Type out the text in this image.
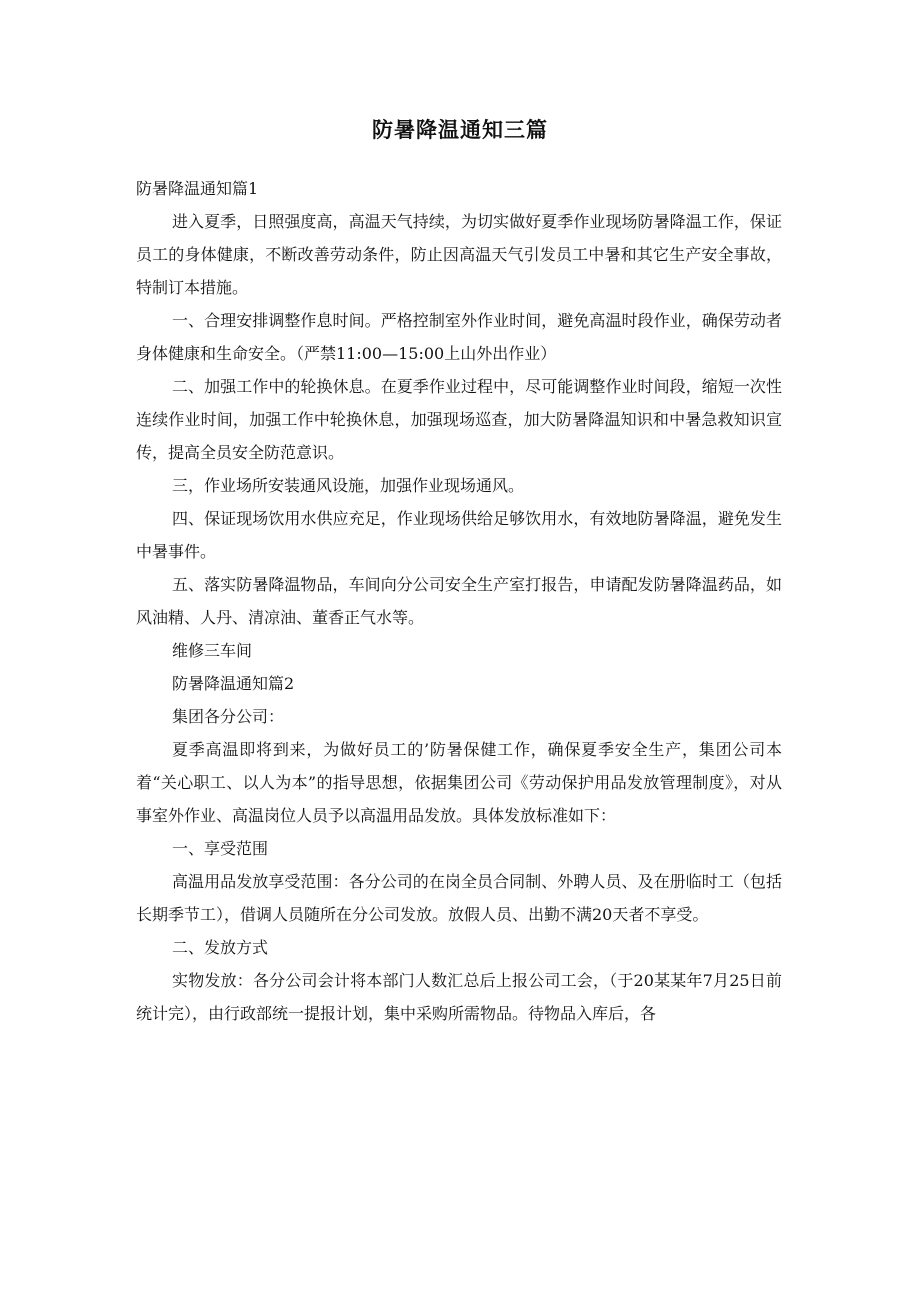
防暑降温通知三篇

防暑降温通知篇1

进入夏季，日照强度高，高温天气持续，为切实做好夏季作业现场防暑降温工作，保证员工的身体健康，不断改善劳动条件，防止因高温天气引发员工中暑和其它生产安全事故，特制订本措施。

一、合理安排调整作息时间。严格控制室外作业时间，避免高温时段作业，确保劳动者身体健康和生命安全。（严禁11:00—15:00上山外出作业）

二、加强工作中的轮换休息。在夏季作业过程中，尽可能调整作业时间段，缩短一次性连续作业时间，加强工作中轮换休息，加强现场巡查，加大防暑降温知识和中暑急救知识宣传，提高全员安全防范意识。

三，作业场所安装通风设施，加强作业现场通风。

四、保证现场饮用水供应充足，作业现场供给足够饮用水，有效地防暑降温，避免发生中暑事件。

五、落实防暑降温物品，车间向分公司安全生产室打报告，申请配发防暑降温药品，如风油精、人丹、清凉油、董香正气水等。

维修三车间

防暑降温通知篇2

集团各分公司：

夏季高温即将到来，为做好员工的’防暑保健工作，确保夏季安全生产，集团公司本着“关心职工、以人为本”的指导思想，依据集团公司《劳动保护用品发放管理制度》，对从事室外作业、高温岗位人员予以高温用品发放。具体发放标准如下：

一、享受范围

高温用品发放享受范围：各分公司的在岗全员合同制、外聘人员、及在册临时工（包括长期季节工），借调人员随所在分公司发放。放假人员、出勤不满20天者不享受。

二、发放方式

实物发放：各分公司会计将本部门人数汇总后上报公司工会，（于20某某年7月25日前统计完），由行政部统一提报计划，集中采购所需物品。待物品入库后，各
